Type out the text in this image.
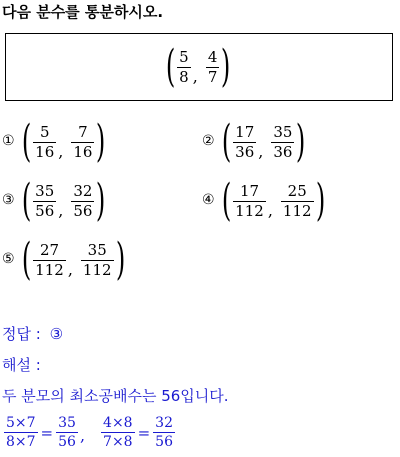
다음 분수를 통분하시오.
( $\frac{5}{8}$ , $\frac{4}{7}$ )
① ( $\frac{5}{16}$ , $\frac{7}{16}$ )	② ( $\frac{17}{36}$ , $\frac{35}{36}$ )
③ ( $\frac{35}{56}$ , $\frac{32}{56}$ )	④ ( $\frac{17}{112}$ , $\frac{25}{112}$ )
⑤ ( $\frac{27}{112}$ , $\frac{35}{112}$ )
정답 : ③
해설 :
두 분모의 최소공배수는 56입니다.
$\frac{5\times 7}{8\times 7} = \frac{35}{56}$ , $\frac{4\times 8}{7\times 8} = \frac{32}{56}$
